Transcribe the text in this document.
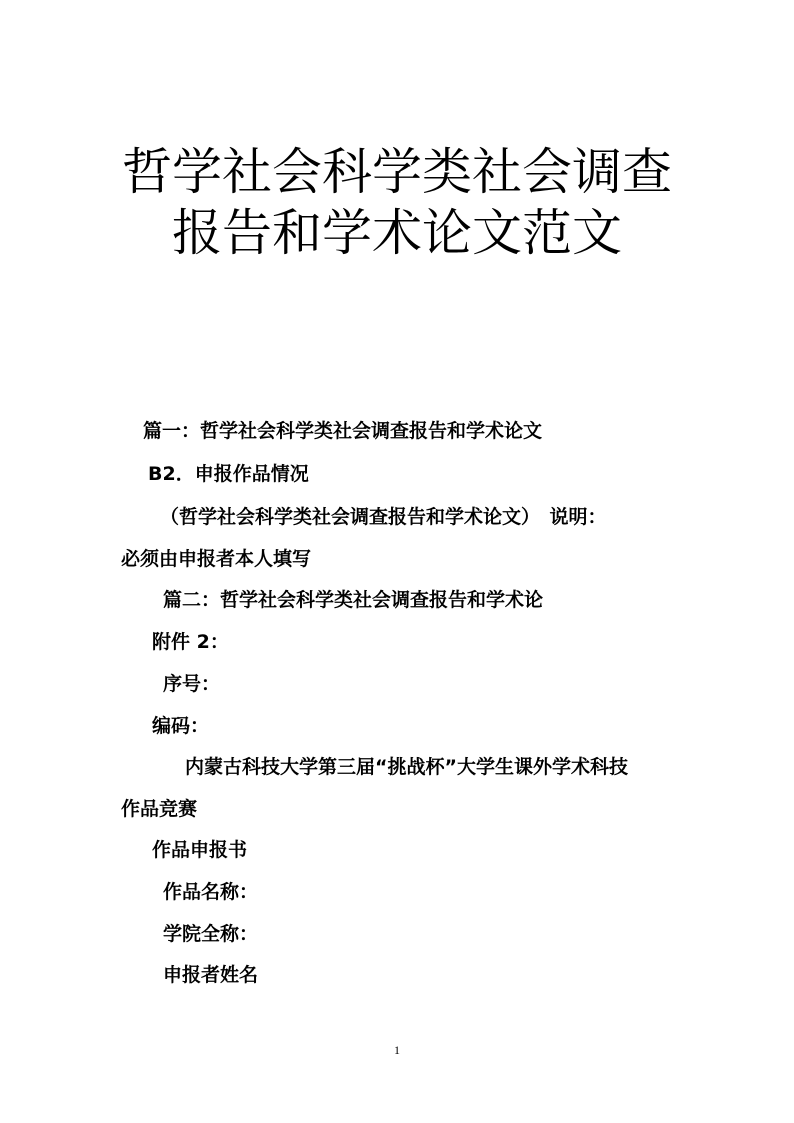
哲学社会科学类社会调查
报告和学术论文范文
篇一：哲学社会科学类社会调查报告和学术论文
B2．申报作品情况
（哲学社会科学类社会调查报告和学术论文）　说明：
必须由申报者本人填写
篇二：哲学社会科学类社会调查报告和学术论
附件 2：
序号：
编码：
内蒙古科技大学第三届“挑战杯”大学生课外学术科技
作品竞赛
作品申报书
作品名称：
学院全称：
申报者姓名
1
